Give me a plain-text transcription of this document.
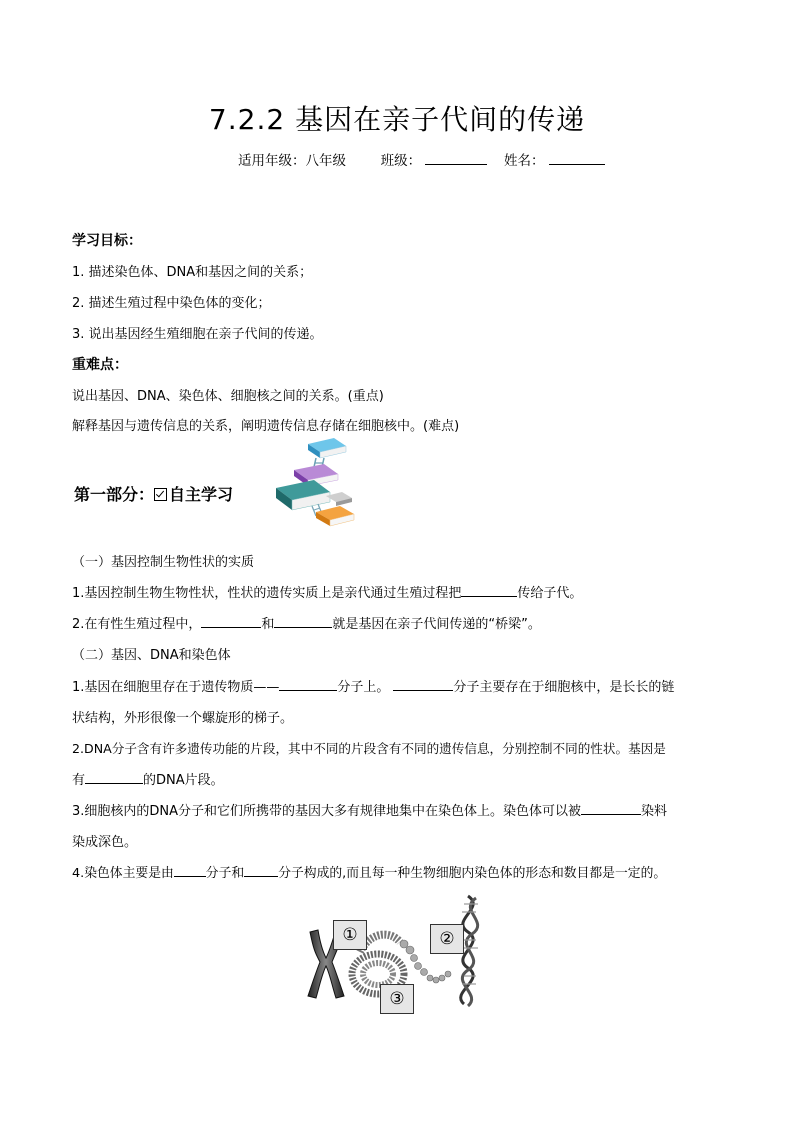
7.2.2 基因在亲子代间的传递
适用年级：八年级	班级：	姓名：
学习目标：
1. 描述染色体、DNA和基因之间的关系；
2. 描述生殖过程中染色体的变化；
3. 说出基因经生殖细胞在亲子代间的传递。
重难点：
说出基因、DNA、染色体、细胞核之间的关系。(重点)
解释基因与遗传信息的关系，阐明遗传信息存储在细胞核中。(难点)
第一部分： 自主学习
（一）基因控制生物性状的实质
1.基因控制生物生物性状，性状的遗传实质上是亲代通过生殖过程把	传给子代。
2.在有性生殖过程中，	和	就是基因在亲子代间传递的“桥梁”。
（二）基因、DNA和染色体
1.基因在细胞里存在于遗传物质——	分子上。	分子主要存在于细胞核中，是长长的链
状结构，外形很像一个螺旋形的梯子。
2.DNA分子含有许多遗传功能的片段，其中不同的片段含有不同的遗传信息，分别控制不同的性状。基因是
有	的DNA片段。
3.细胞核内的DNA分子和它们所携带的基因大多有规律地集中在染色体上。染色体可以被	染料
染成深色。
4.染色体主要是由	分子和	分子构成的,而且每一种生物细胞内染色体的形态和数目都是一定的。
①	②
③
